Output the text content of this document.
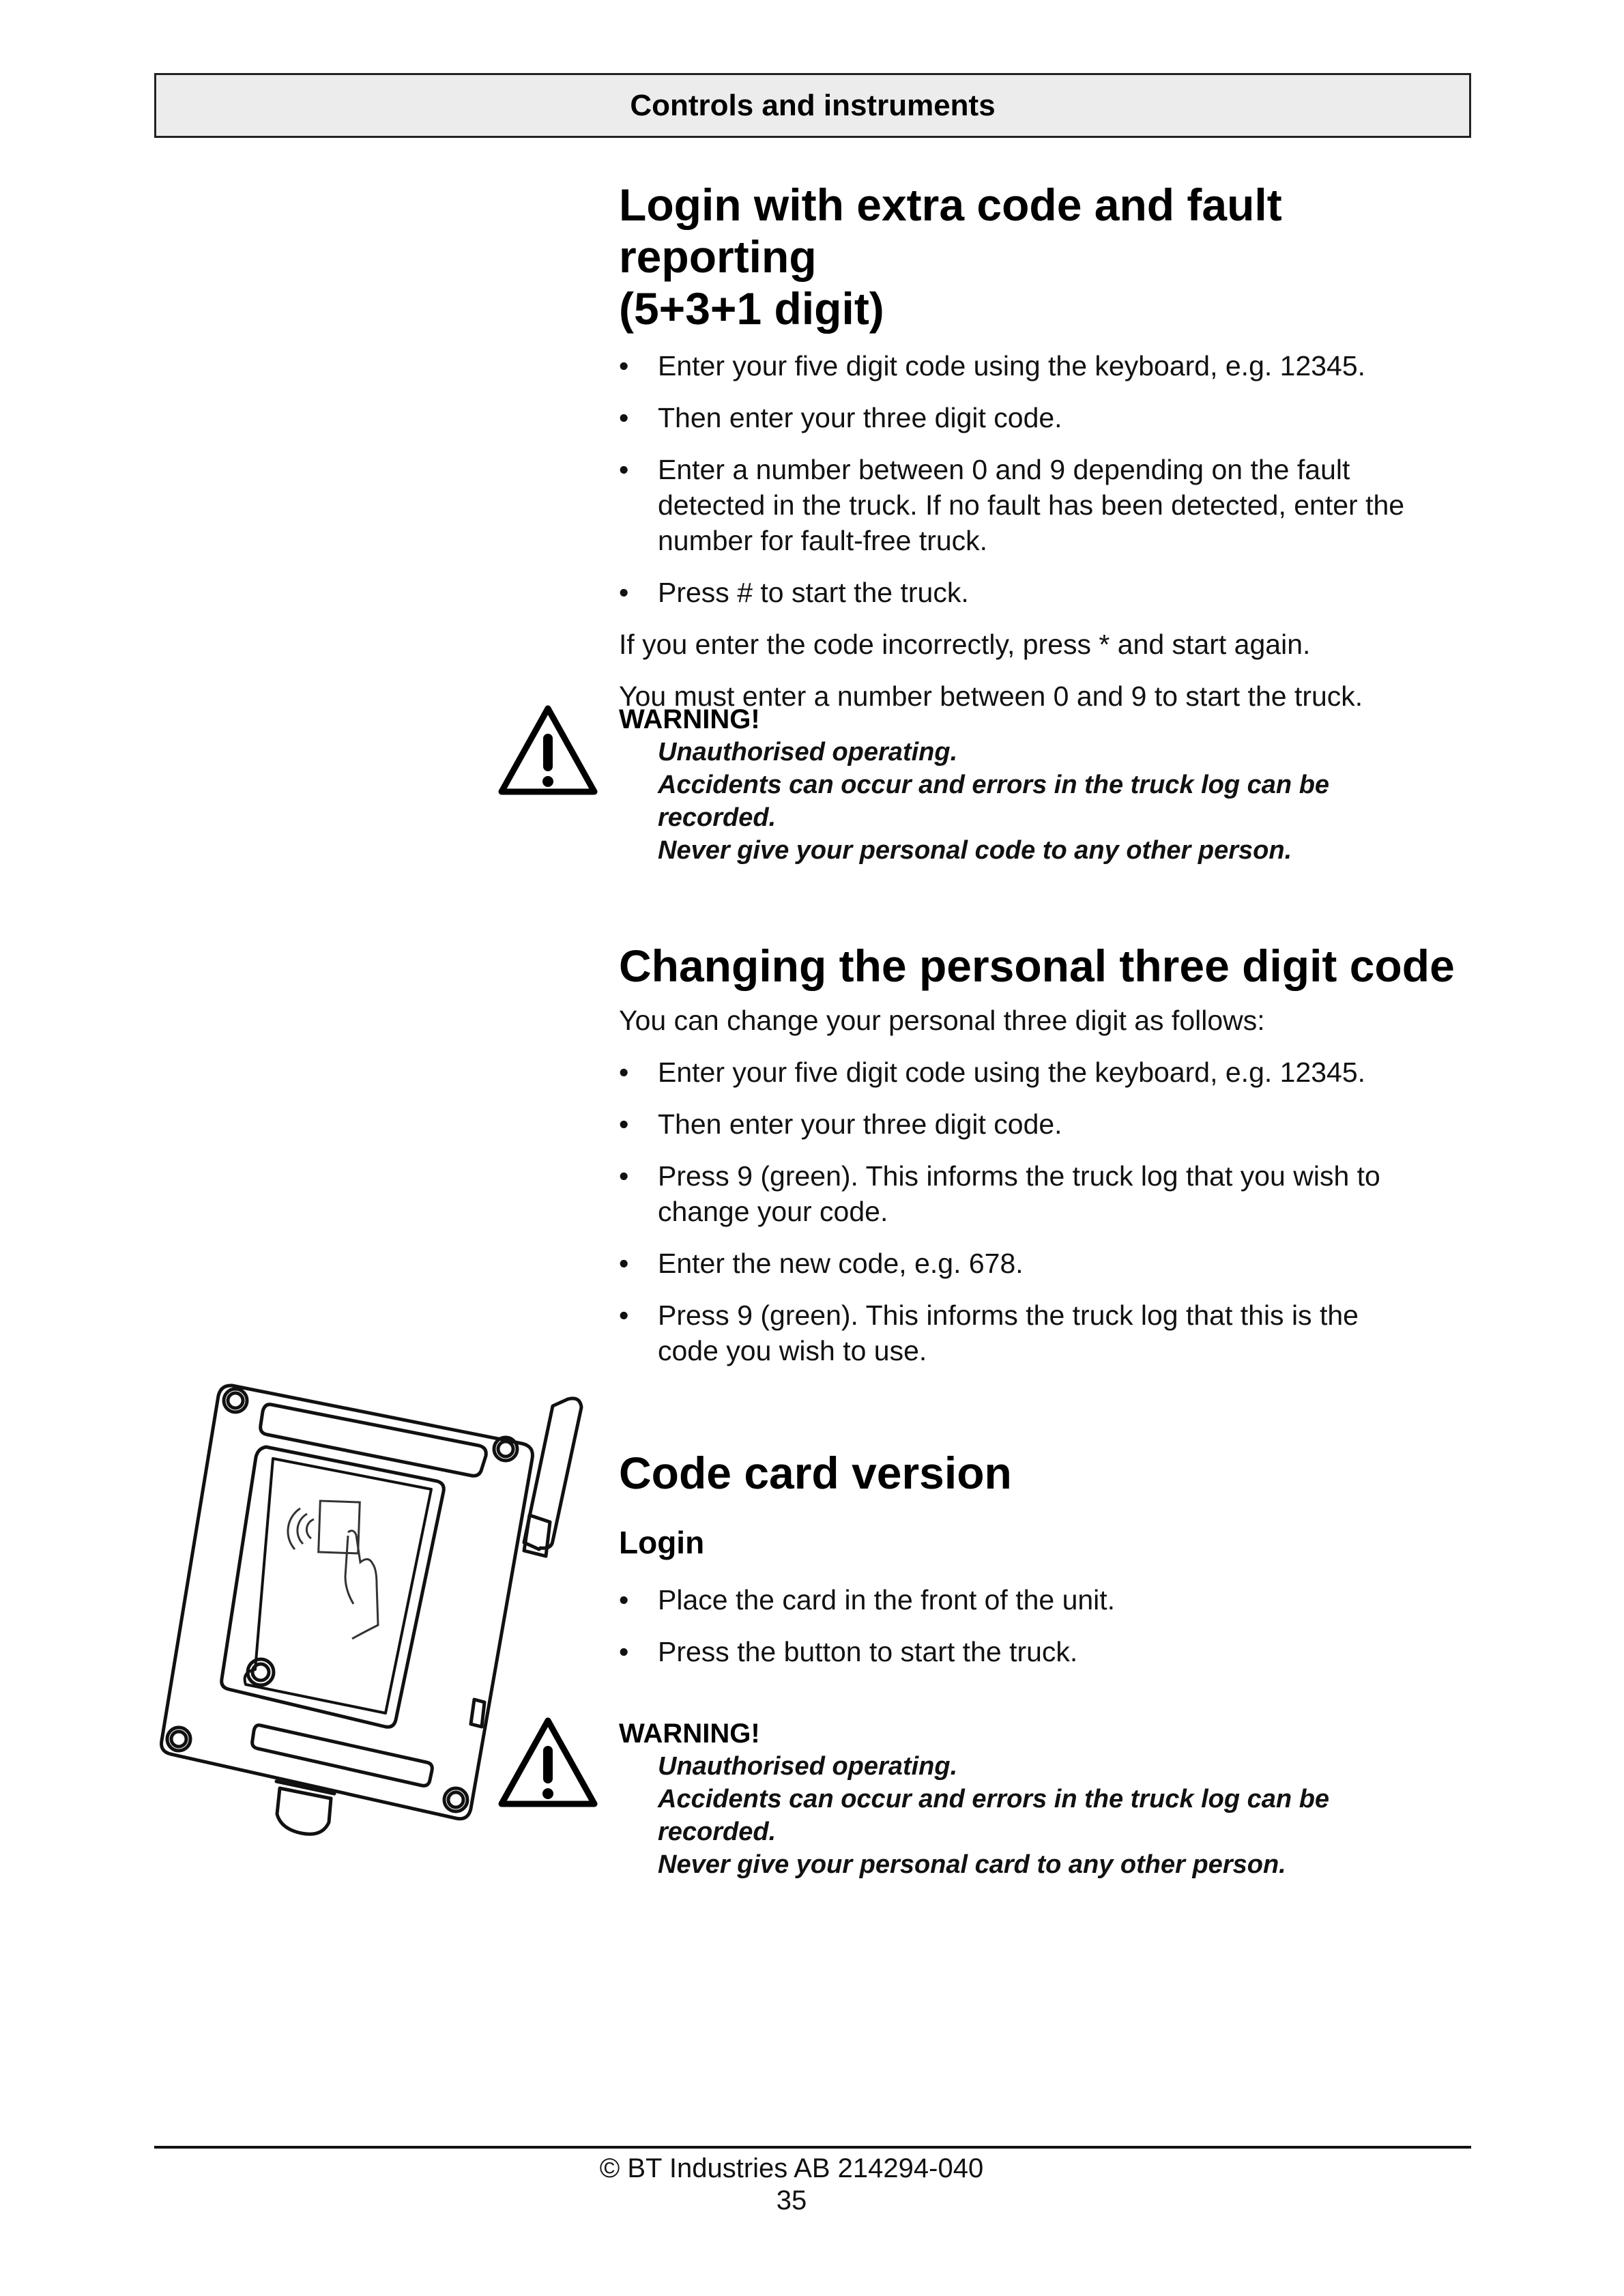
Controls and instruments
Login with extra code and fault reporting
(5+3+1 digit)
•	Enter your five digit code using the keyboard, e.g. 12345.
•	Then enter your three digit code.
•	Enter a number between 0 and 9 depending on the fault
detected in the truck. If no fault has been detected, enter the
number for fault-free truck.
•	Press # to start the truck.

If you enter the code incorrectly, press * and start again.

You must enter a number between 0 and 9 to start the truck.

WARNING!
Unauthorised operating.
Accidents can occur and errors in the truck log can be
recorded.
Never give your personal code to any other person.
Changing the personal three digit code

You can change your personal three digit as follows:

•	Enter your five digit code using the keyboard, e.g. 12345.
•	Then enter your three digit code.
•	Press 9 (green). This informs the truck log that you wish to
change your code.
•	Enter the new code, e.g. 678.
•	Press 9 (green). This informs the truck log that this is the
code you wish to use.
Code card version
Login
•	Place the card in the front of the unit.
•	Press the button to start the truck.
WARNING!
Unauthorised operating.
Accidents can occur and errors in the truck log can be
recorded.
Never give your personal card to any other person.
© BT Industries AB 214294-040
35
